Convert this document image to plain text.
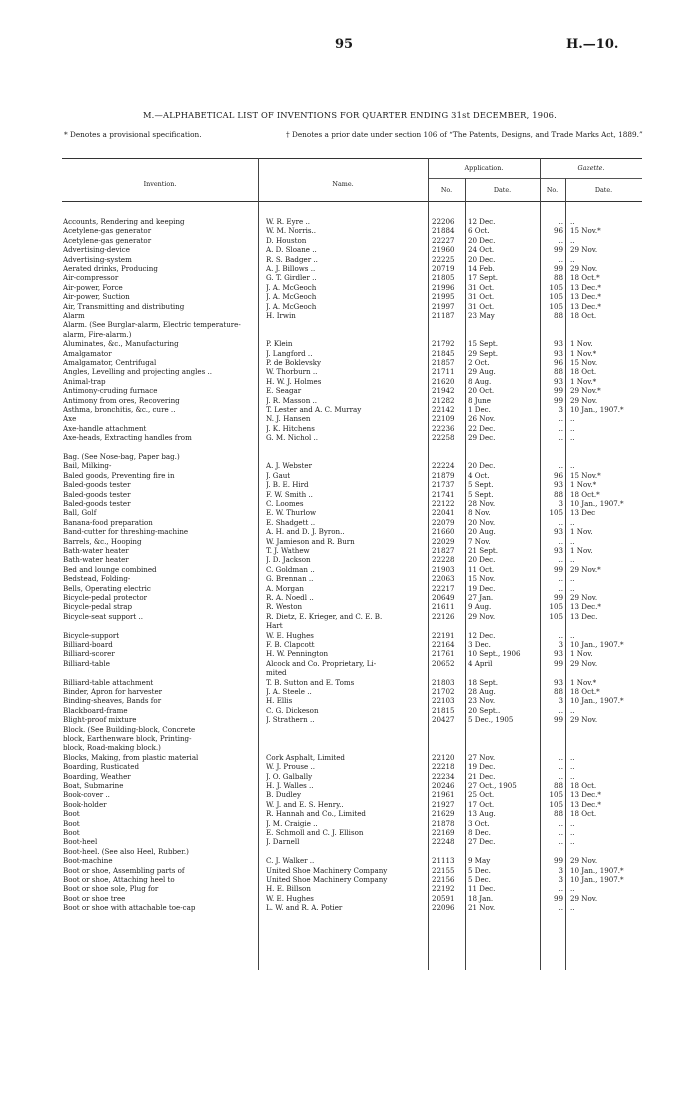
95	H.—10.
M.—ALPHABETICAL LIST OF INVENTIONS FOR QUARTER ENDING 31st DECEMBER, 1906.
* Denotes a provisional specification.	† Denotes a prior date under section 106 of “The Patents, Designs, and Trade Marks Act, 1889.”
Invention.	Name.
Application.	Gazette.
No.	Date.	No.	Date.
Accounts, Rendering and keeping	W. R. Eyre ..	22206	12 Dec.	.. ..
Acetylene-gas generator	W. M. Norris..	21884	6 Oct.	96 15 Nov.*
Acetylene-gas generator	D. Houston	22227	20 Dec.	.. ..
Advertising-device	A. D. Sloane ..	21960	24 Oct.	99 29 Nov.
Advertising-system	R. S. Badger ..	22225	20 Dec.	.. ..
Aerated drinks, Producing	A. J. Billows ..	20719	14 Feb.	99 29 Nov.
Air-compressor	G. T. Girdler ..	21805	17 Sept.	88 18 Oct.*
Air-power, Force	J. A. McGeoch	21996	31 Oct.	105 13 Dec.*
Air-power, Suction	J. A. McGeoch	21995	31 Oct.	105 13 Dec.*
Air, Transmitting and distributing	J. A. McGeoch	21997	31 Oct.	105 13 Dec.*
Alarm	H. Irwin	21187	23 May	88 18 Oct.
Alarm. (See Burglar-alarm, Electric temperature-alarm, Fire-alarm.)
Aluminates, &c., Manufacturing	P. Klein	21792	15 Sept.	93 1 Nov.
Amalgamator	J. Langford ..	21845	29 Sept.	93 1 Nov.*
Amalgamator, Centrifugal	P. de Boklevsky	21857	2 Oct.	96 15 Nov.
Angles, Levelling and projecting angles ..	W. Thorburn ..	21711	29 Aug.	88 18 Oct.
Animal-trap	H. W. J. Holmes	21620	8 Aug.	93 1 Nov.*
Antimony-cruding furnace	E. Seagar	21942	20 Oct.	99 29 Nov.*
Antimony from ores, Recovering	J. R. Masson ..	21282	8 June	99 29 Nov.
Asthma, bronchitis, &c., cure ..	T. Lester and A. C. Murray	22142	1 Dec.	3 10 Jan., 1907.*
Axe	N. J. Hansen	22109	26 Nov.	.. ..
Axe-handle attachment	J. K. Hitchens	22236	22 Dec.	.. ..
Axe-heads, Extracting handles from	G. M. Nichol ..	22258	29 Dec.	.. ..
Bag. (See Nose-bag, Paper bag.)
Bail, Milking-	A. J. Webster	22224	20 Dec.	.. ..
Baled goods, Preventing fire in	J. Gaut	21879	4 Oct.	96 15 Nov.*
Baled-goods tester	J. B. E. Hird	21737	5 Sept.	93 1 Nov.*
Baled-goods tester	F. W. Smith ..	21741	5 Sept.	88 18 Oct.*
Baled-goods tester	C. Loomes	22122	28 Nov.	3 10 Jan., 1907.*
Ball, Golf	E. W. Thurlow	22041	8 Nov.	105 13 Dec
Banana-food preparation	E. Shadgett ..	22079	20 Nov.	.. ..
Band-cutter for threshing-machine	A. H. and D. J. Byron..	21660	20 Aug.	93 1 Nov.
Barrels, &c., Hooping	W. Jamieson and R. Burn	22029	7 Nov.	.. ..
Bath-water heater	T. J. Wathew	21827	21 Sept.	93 1 Nov.
Bath-water heater	J. D. Jackson	22228	20 Dec.	.. ..
Bed and lounge combined	C. Goldman ..	21903	11 Oct.	99 29 Nov.*
Bedstead, Folding-	G. Brennan ..	22063	15 Nov.	.. ..
Bells, Operating electric	A. Morgan	22217	19 Dec.	.. ..
Bicycle-pedal protector	R. A. Noedl ..	20649	27 Jan.	99 29 Nov.
Bicycle-pedal strap	R. Weston	21611	9 Aug.	105 13 Dec.*
Bicycle-seat support ..	R. Dietz, E. Krieger, and C. E. B.	22126	29 Nov.	105 13 Dec.
Hart
Bicycle-support	W. E. Hughes	22191	12 Dec.	.. ..
Billiard-board	F. B. Clapcott	22164	3 Dec.	3 10 Jan., 1907.*
Billiard-scorer	H. W. Pennington	21761	10 Sept., 1906	93 1 Nov.
Billiard-table	Alcock and Co. Proprietary, Li-	20652	4 April	99 29 Nov.
mited
Billiard-table attachment	T. B. Sutton and E. Toms	21803	18 Sept.	93 1 Nov.*
Binder, Apron for harvester	J. A. Steele ..	21702	28 Aug.	88 18 Oct.*
Binding-sheaves, Bands for	H. Ellis	22103	23 Nov.	3 10 Jan., 1907.*
Blackboard-frame	C. G. Dickeson	21815	20 Sept..	.. ..
Blight-proof mixture	J. Strathern ..	20427	5 Dec., 1905	99 29 Nov.
Block. (See Building-block, Concrete
block, Earthenware block, Printing-
block, Road-making block.)
Blocks, Making, from plastic material	Cork Asphalt, Limited	22120	27 Nov.	.. ..
Boarding, Rusticated	W. J. Prouse ..	22218	19 Dec.	.. ..
Boarding, Weather	J. O. Galbally	22234	21 Dec.	.. ..
Boat, Submarine	H. J. Walles ..	20246	27 Oct., 1905	88 18 Oct.
Book-cover ..	B. Dudley	21961	25 Oct.	105 13 Dec.*
Book-holder	W. J. and E. S. Henry..	21927	17 Oct.	105 13 Dec.*
Boot	R. Hannah and Co., Limited	21629	13 Aug.	88 18 Oct.
Boot	J. M. Craigie ..	21878	3 Oct.	.. ..
Boot	E. Schmoll and C. J. Ellison	22169	8 Dec.	.. ..
Boot-heel	J. Darnell	22248	27 Dec.	.. ..
Boot-heel. (See also Heel, Rubber.)
Boot-machine	C. J. Walker ..	21113	9 May	99 29 Nov.
Boot or shoe, Assembling parts of	United Shoe Machinery Company	22155	5 Dec.	3 10 Jan., 1907.*
Boot or shoe, Attaching heel to	United Shoe Machinery Company	22156	5 Dec.	3 10 Jan., 1907.*
Boot or shoe sole, Plug for	H. E. Billson	22192	11 Dec.	.. ..
Boot or shoe tree	W. E. Hughes	20591	18 Jan.	99 29 Nov.
Boot or shoe with attachable toe-cap	L. W. and R. A. Potier	22096	21 Nov.	.. ..
